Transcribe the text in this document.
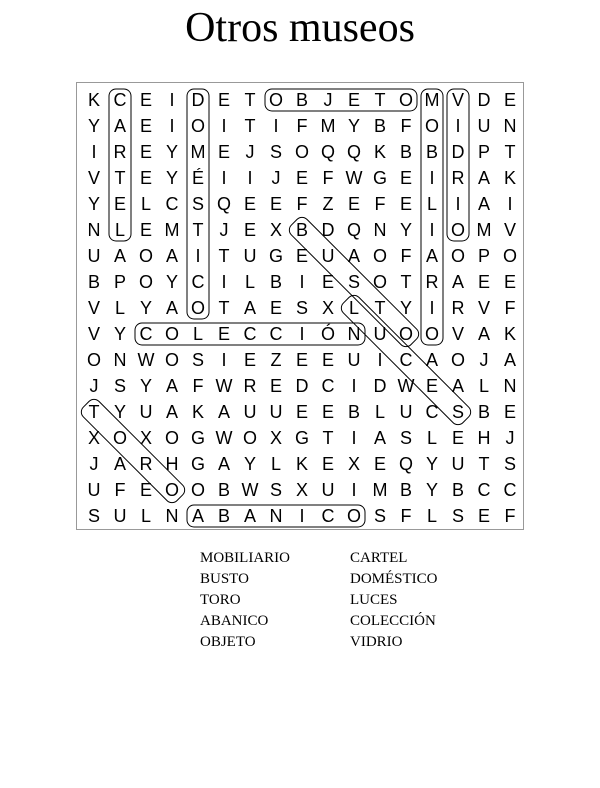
Otros museos
K C E I D E T O B J E T O M V D E
Y A E I O I	T I	F M Y B F O I U N
I R E Y M E J S O Q Q K B B D P T
V T E Y É I	I	J E F W G E I R A K
Y E L C S Q E E F Z E F E L	I A I
N L E M T J E X B D Q N Y I O M V
U A O A I	T U G E U A O F A O P O
B P O Y C I	L B I E S O T R A E E
V L Y A O T A E S X L T Y I R V F
V Y C O L E C C I Ó N U O O V A K
O N W O S I E Z E E U I C A O J A
J S Y A F W R E D C I D W E A L N
T Y U A K A U U E E B L U C S B E
X O X O G W O X G T I A S L E H J
J A R H G A Y L K E X E Q Y U T S
U F E O O B W S X U I M B Y B C C
S U L N A B A N I C O S F L S E F
MOBILIARIO	CARTEL
BUSTO	DOMÉSTICO
TORO	LUCES
ABANICO	COLECCIÓN
OBJETO	VIDRIO
